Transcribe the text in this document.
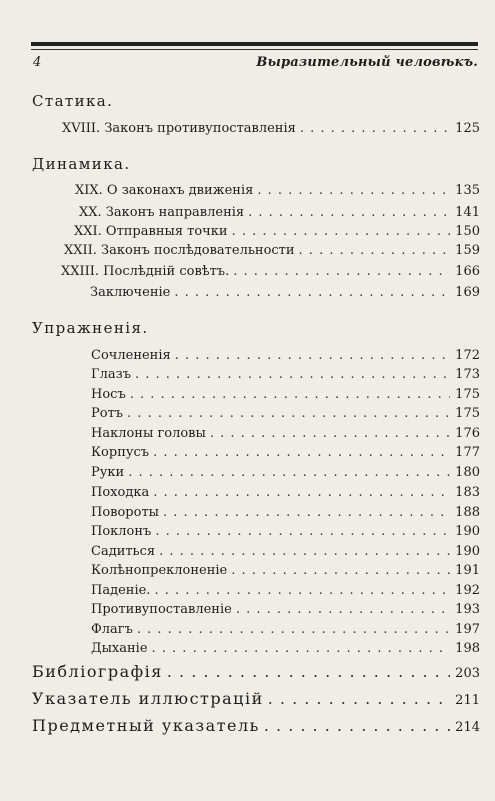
4	Выразительный человѣкъ.
Статика.
XVIII. Законъ противупоставленія . . .	125
Динамика.
XIX. О законахъ движенія . . .	135
XX. Законъ направленія . . .	141
XXI. Отправныя точки . . .	150
XXII. Законъ послѣдовательности . . .	159
XXIII. Послѣдній совѣтъ. . . .	166
Заключеніе . . .	169
Упражненія.
Сочлененія . . .	172
Глазъ . . .	173
Носъ . . .	175
Ротъ . . .	175
Наклоны головы . . .	176
Корпусъ . . .	177
Руки . . .	180
Походка . . .	183
Повороты . . .	188
Поклонъ . . .	190
Садиться . . .	190
Колѣнопреклоненіе . . .	191
Паденіе. . . .	192
Противупоставленіе . . .	193
Флагъ . . .	197
Дыханіе . . .	198
Библіографія . . .	203
Указатель иллюстрацій . . .	211
Предметный указатель . . .	214
